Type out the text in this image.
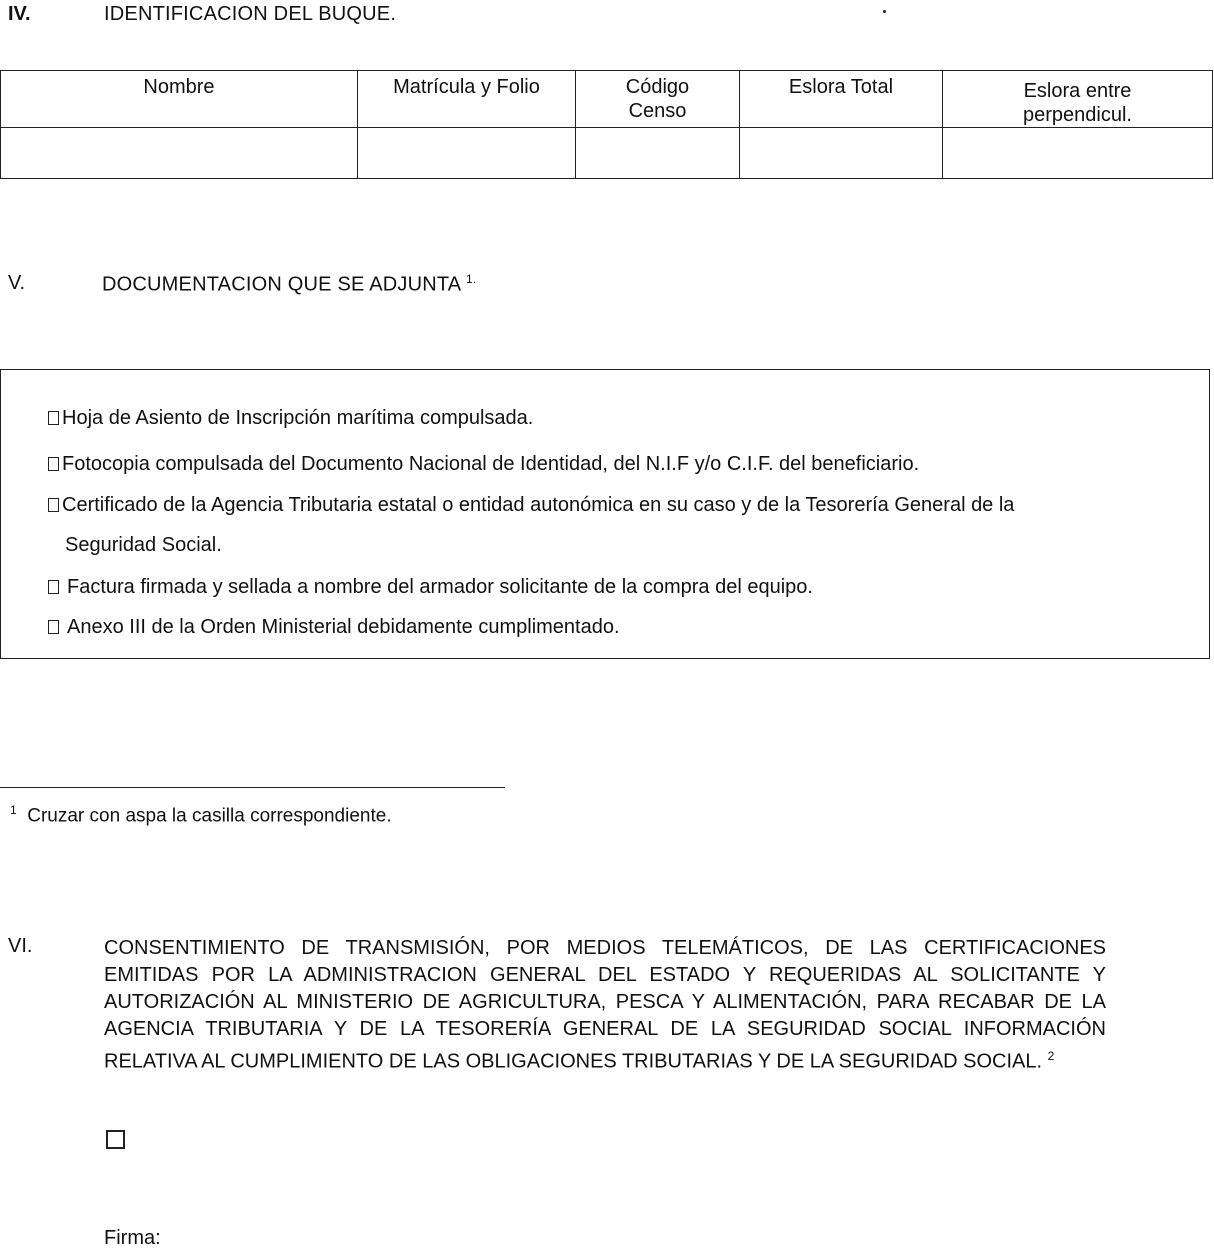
IV.	IDENTIFICACION DEL BUQUE.
Nombre	Matrícula y Folio	Código Censo	Eslora Total	Eslora entre perpendicul.

V.	DOCUMENTACION QUE SE ADJUNTA $^{1.}$
Hoja de Asiento de Inscripción marítima compulsada.
Fotocopia compulsada del Documento Nacional de Identidad, del N.I.F y/o C.I.F. del beneficiario.
Certificado de la Agencia Tributaria estatal o entidad autonómica en su caso y de la Tesorería General de la
Seguridad Social.
Factura firmada y sellada a nombre del armador solicitante de la compra del equipo.
Anexo III de la Orden Ministerial debidamente cumplimentado.
$^1$ Cruzar con aspa la casilla correspondiente.
VI.	CONSENTIMIENTO DE TRANSMISIÓN, POR MEDIOS TELEMÁTICOS, DE LAS CERTIFICACIONES EMITIDAS POR LA ADMINISTRACION GENERAL DEL ESTADO Y REQUERIDAS AL SOLICITANTE Y AUTORIZACIÓN AL MINISTERIO DE AGRICULTURA, PESCA Y ALIMENTACIÓN, PARA RECABAR DE LA AGENCIA TRIBUTARIA Y DE LA TESORERÍA GENERAL DE LA SEGURIDAD SOCIAL INFORMACIÓN RELATIVA AL CUMPLIMIENTO DE LAS OBLIGACIONES TRIBUTARIAS Y DE LA SEGURIDAD SOCIAL. $^2$
Firma:
